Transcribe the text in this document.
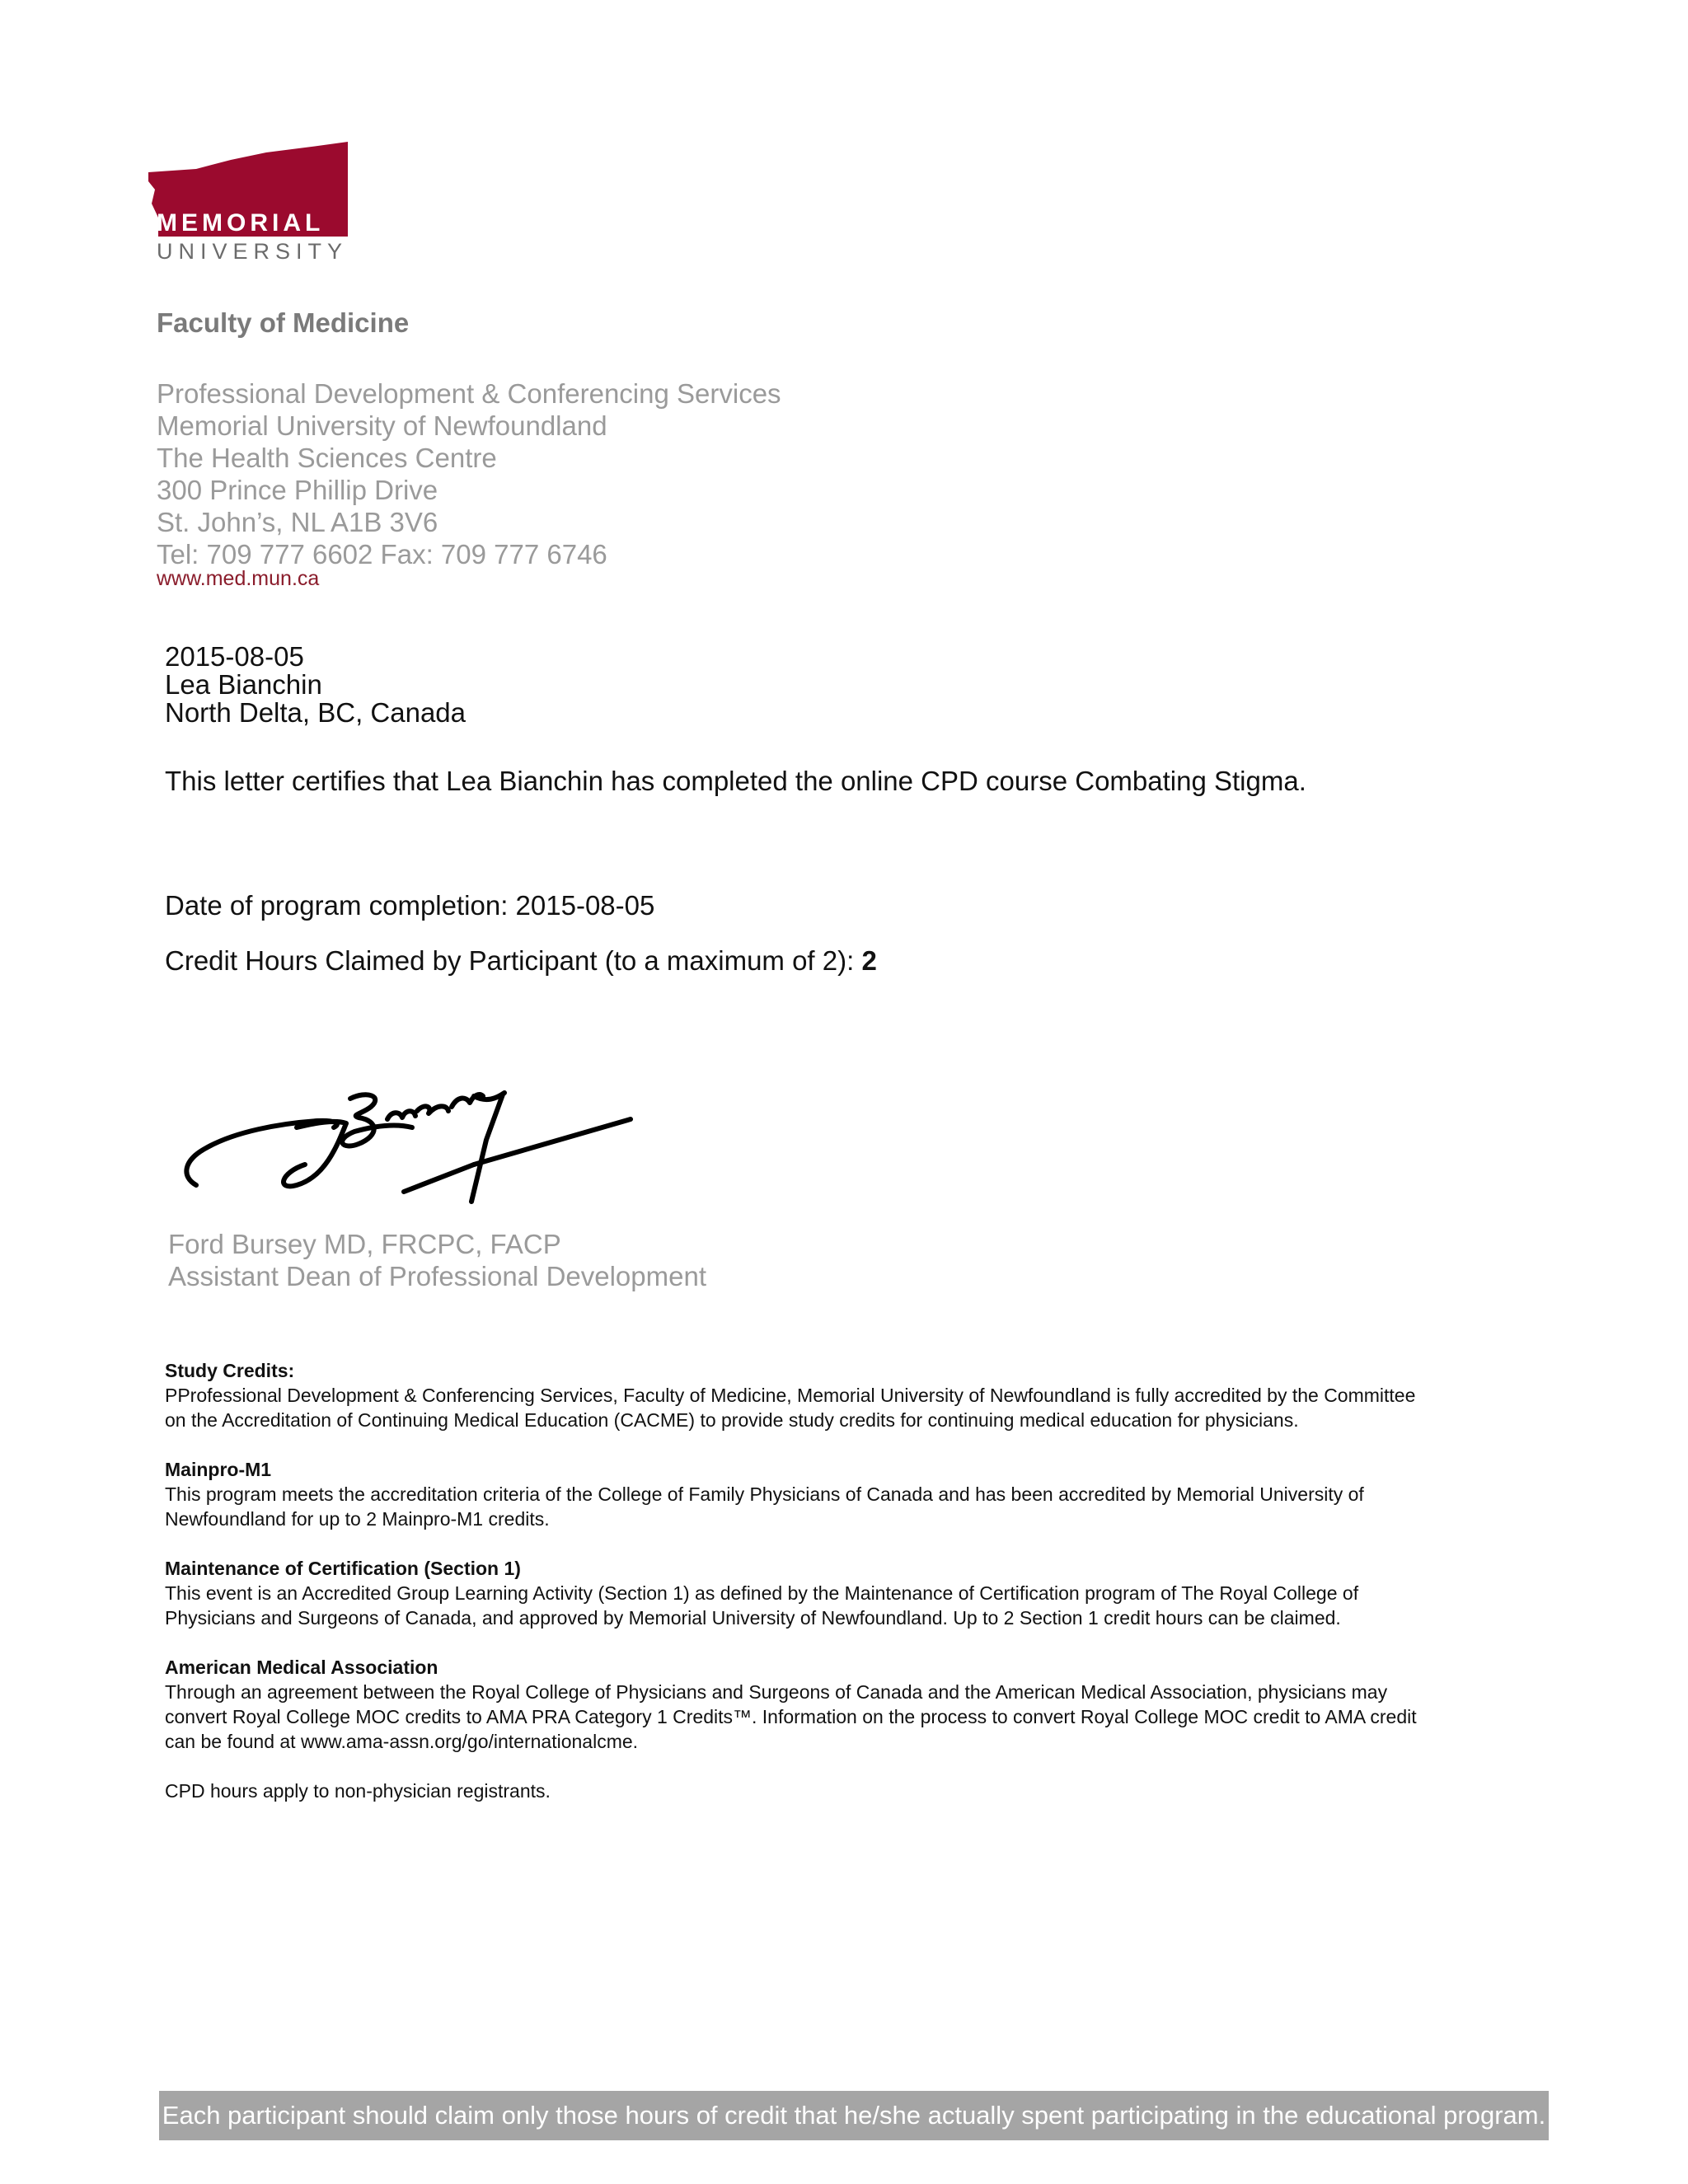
MEMORIAL
UNIVERSITY
Faculty of Medicine
Professional Development & Conferencing Services
Memorial University of Newfoundland
The Health Sciences Centre
300 Prince Phillip Drive
St. John’s, NL A1B 3V6
Tel: 709 777 6602 Fax: 709 777 6746
www.med.mun.ca
2015-08-05
Lea Bianchin
North Delta, BC, Canada
This letter certifies that Lea Bianchin has completed the online CPD course Combating Stigma.
Date of program completion: 2015-08-05
Credit Hours Claimed by Participant (to a maximum of 2): 2
Ford Bursey MD, FRCPC, FACP
Assistant Dean of Professional Development
Study Credits:
PProfessional Development & Conferencing Services, Faculty of Medicine, Memorial University of Newfoundland is fully accredited by the Committee on the Accreditation of Continuing Medical Education (CACME) to provide study credits for continuing medical education for physicians.
Mainpro-M1
This program meets the accreditation criteria of the College of Family Physicians of Canada and has been accredited by Memorial University of Newfoundland for up to 2 Mainpro-M1 credits.
Maintenance of Certification (Section 1)
This event is an Accredited Group Learning Activity (Section 1) as defined by the Maintenance of Certification program of The Royal College of Physicians and Surgeons of Canada, and approved by Memorial University of Newfoundland. Up to 2 Section 1 credit hours can be claimed.
American Medical Association
Through an agreement between the Royal College of Physicians and Surgeons of Canada and the American Medical Association, physicians may convert Royal College MOC credits to AMA PRA Category 1 Credits™. Information on the process to convert Royal College MOC credit to AMA credit can be found at www.ama-assn.org/go/internationalcme.
CPD hours apply to non-physician registrants.
Each participant should claim only those hours of credit that he/she actually spent participating in the educational program.
